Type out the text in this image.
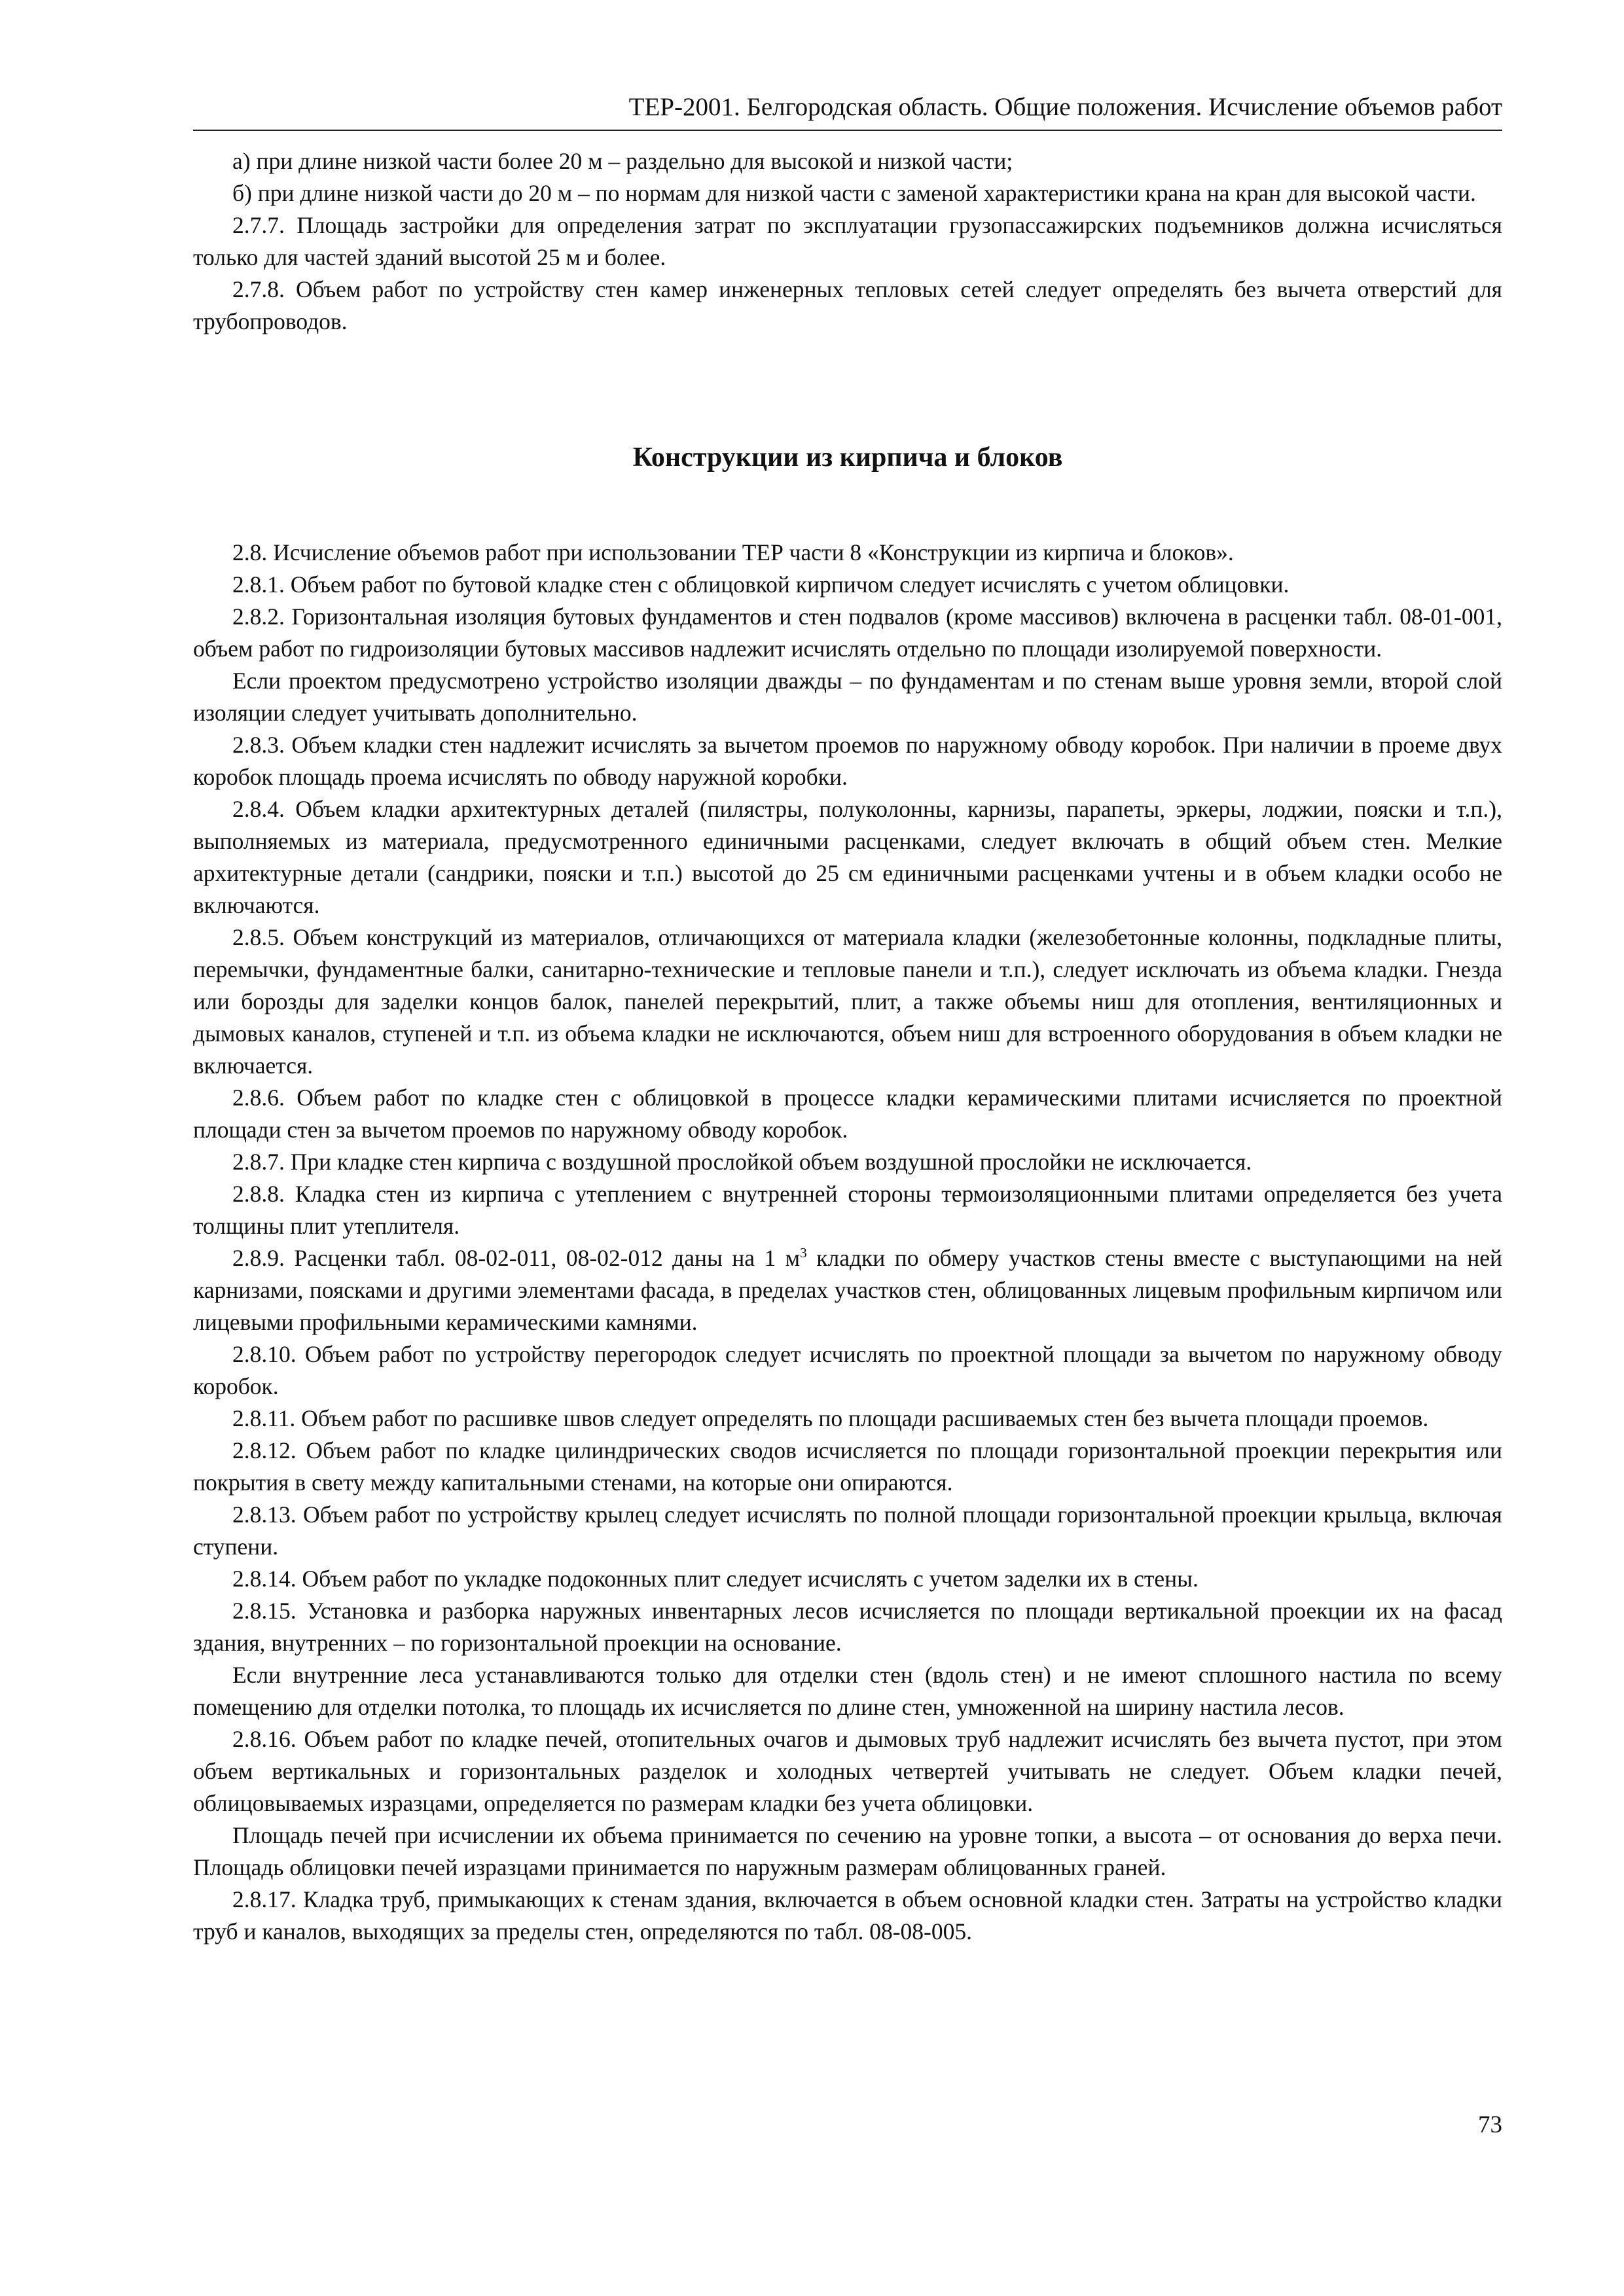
ТЕР-2001. Белгородская область. Общие положения. Исчисление объемов работ

а) при длине низкой части более 20 м – раздельно для высокой и низкой части;

б) при длине низкой части до 20 м – по нормам для низкой части с заменой характеристики крана на кран для высокой части.

2.7.7. Площадь застройки для определения затрат по эксплуатации грузопассажирских подъемников должна исчисляться только для частей зданий высотой 25 м и более.

2.7.8. Объем работ по устройству стен камер инженерных тепловых сетей следует определять без вычета отверстий для трубопроводов.

Конструкции из кирпича и блоков

2.8. Исчисление объемов работ при использовании ТЕР части 8 «Конструкции из кирпича и блоков».

2.8.1. Объем работ по бутовой кладке стен с облицовкой кирпичом следует исчислять с учетом облицовки.

2.8.2. Горизонтальная изоляция бутовых фундаментов и стен подвалов (кроме массивов) включена в расценки табл. 08-01-001, объем работ по гидроизоляции бутовых массивов надлежит исчислять отдельно по площади изолируемой поверхности.

Если проектом предусмотрено устройство изоляции дважды – по фундаментам и по стенам выше уровня земли, второй слой изоляции следует учитывать дополнительно.

2.8.3. Объем кладки стен надлежит исчислять за вычетом проемов по наружному обводу коробок. При наличии в проеме двух коробок площадь проема исчислять по обводу наружной коробки.

2.8.4. Объем кладки архитектурных деталей (пилястры, полуколонны, карнизы, парапеты, эркеры, лоджии, пояски и т.п.), выполняемых из материала, предусмотренного единичными расценками, следует включать в общий объем стен. Мелкие архитектурные детали (сандрики, пояски и т.п.) высотой до 25 см единичными расценками учтены и в объем кладки особо не включаются.

2.8.5. Объем конструкций из материалов, отличающихся от материала кладки (железобетонные колонны, подкладные плиты, перемычки, фундаментные балки, санитарно-технические и тепловые панели и т.п.), следует исключать из объема кладки. Гнезда или борозды для заделки концов балок, панелей перекрытий, плит, а также объемы ниш для отопления, вентиляционных и дымовых каналов, ступеней и т.п. из объема кладки не исключаются, объем ниш для встроенного оборудования в объем кладки не включается.

2.8.6. Объем работ по кладке стен с облицовкой в процессе кладки керамическими плитами исчисляется по проектной площади стен за вычетом проемов по наружному обводу коробок.

2.8.7. При кладке стен кирпича с воздушной прослойкой объем воздушной прослойки не исключается.

2.8.8. Кладка стен из кирпича с утеплением с внутренней стороны термоизоляционными плитами определяется без учета толщины плит утеплителя.

2.8.9. Расценки табл. 08-02-011, 08-02-012 даны на 1 $м^3$ кладки по обмеру участков стены вместе с выступающими на ней карнизами, поясками и другими элементами фасада, в пределах участков стен, облицованных лицевым профильным кирпичом или лицевыми профильными керамическими камнями.

2.8.10. Объем работ по устройству перегородок следует исчислять по проектной площади за вычетом по наружному обводу коробок.

2.8.11. Объем работ по расшивке швов следует определять по площади расшиваемых стен без вычета площади проемов.

2.8.12. Объем работ по кладке цилиндрических сводов исчисляется по площади горизонтальной проекции перекрытия или покрытия в свету между капитальными стенами, на которые они опираются.

2.8.13. Объем работ по устройству крылец следует исчислять по полной площади горизонтальной проекции крыльца, включая ступени.

2.8.14. Объем работ по укладке подоконных плит следует исчислять с учетом заделки их в стены.

2.8.15. Установка и разборка наружных инвентарных лесов исчисляется по площади вертикальной проекции их на фасад здания, внутренних – по горизонтальной проекции на основание.

Если внутренние леса устанавливаются только для отделки стен (вдоль стен) и не имеют сплошного настила по всему помещению для отделки потолка, то площадь их исчисляется по длине стен, умноженной на ширину настила лесов.

2.8.16. Объем работ по кладке печей, отопительных очагов и дымовых труб надлежит исчислять без вычета пустот, при этом объем вертикальных и горизонтальных разделок и холодных четвертей учитывать не следует. Объем кладки печей, облицовываемых изразцами, определяется по размерам кладки без учета облицовки.

Площадь печей при исчислении их объема принимается по сечению на уровне топки, а высота – от основания до верха печи. Площадь облицовки печей изразцами принимается по наружным размерам облицованных граней.

2.8.17. Кладка труб, примыкающих к стенам здания, включается в объем основной кладки стен. Затраты на устройство кладки труб и каналов, выходящих за пределы стен, определяются по табл. 08-08-005.

73
